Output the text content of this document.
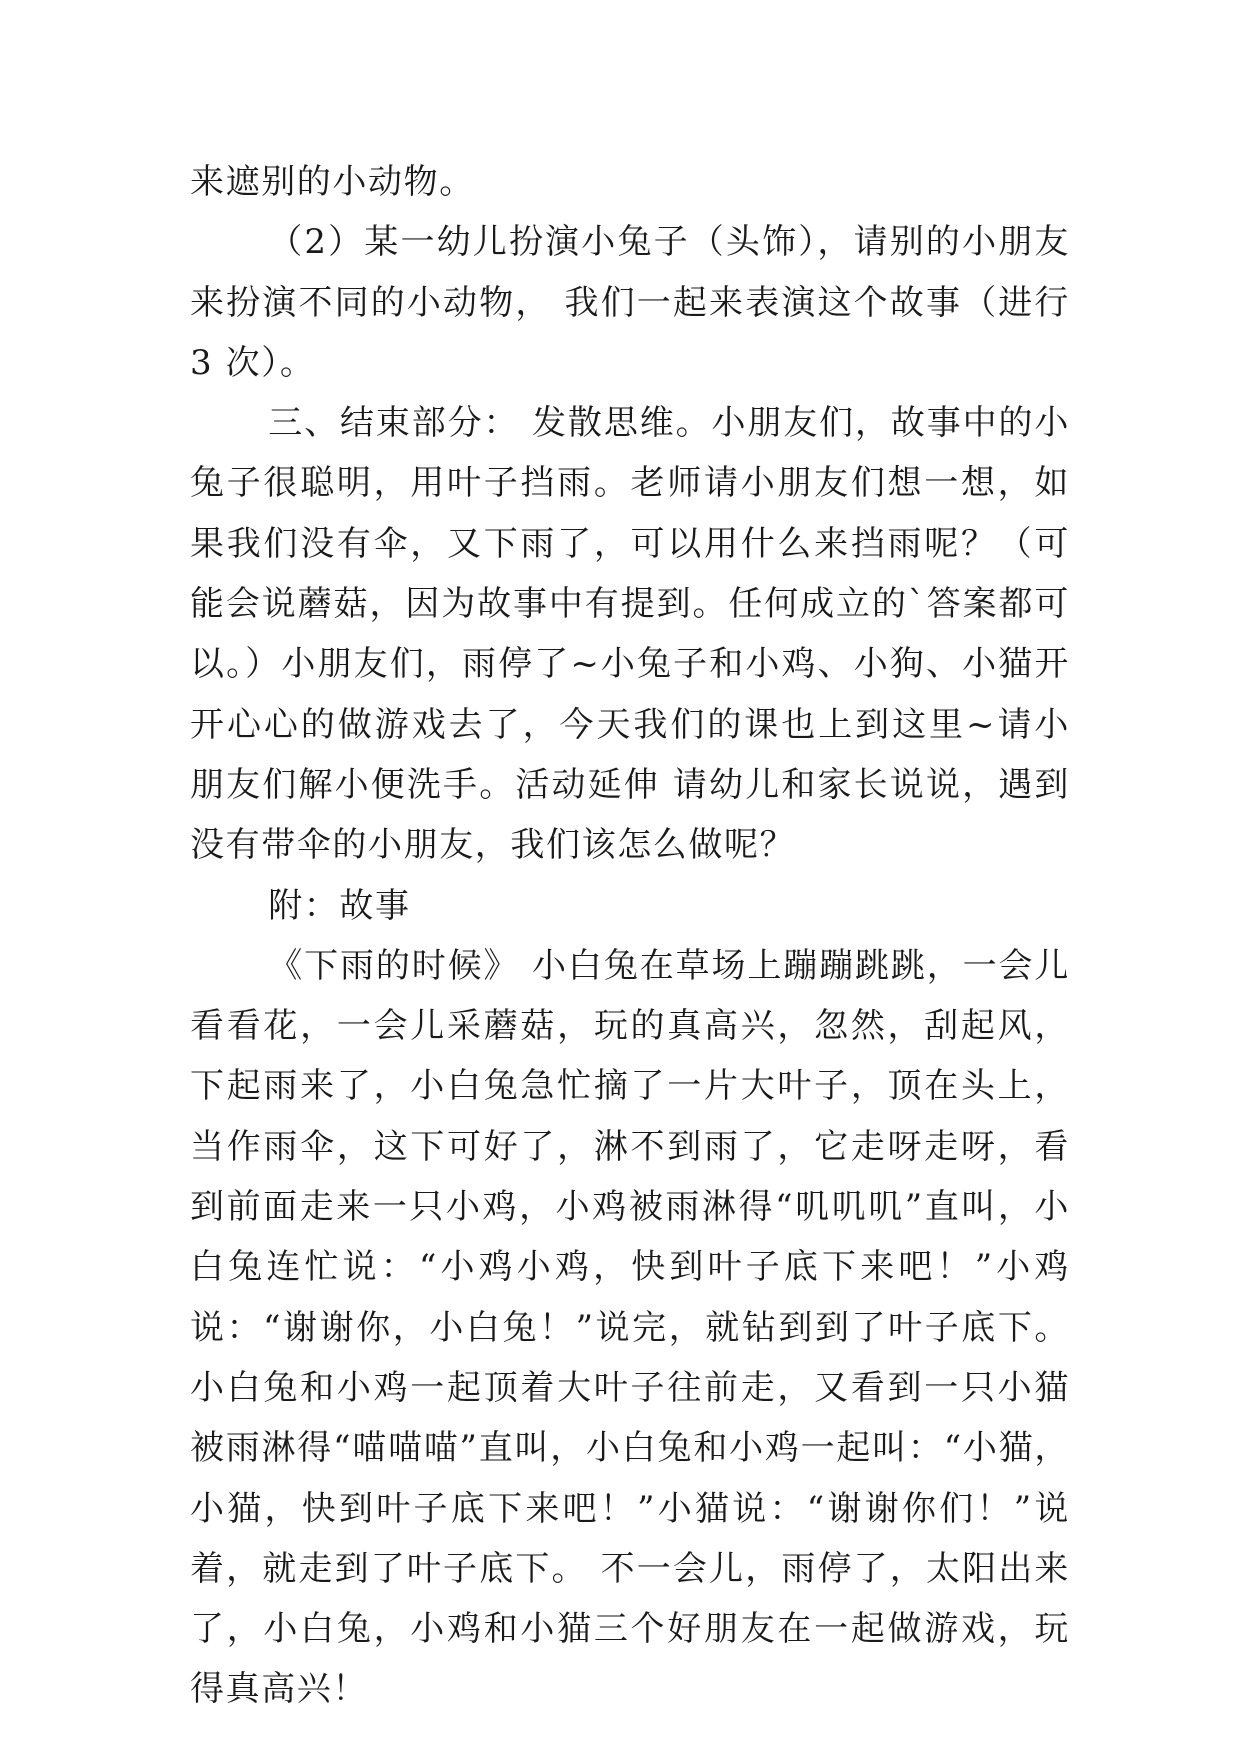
来遮别的小动物。

（2）某一幼儿扮演小兔子（头饰），请别的小朋友来扮演不同的小动物， 我们一起来表演这个故事（进行 3 次）。

三、结束部分： 发散思维。小朋友们，故事中的小兔子很聪明，用叶子挡雨。老师请小朋友们想一想，如果我们没有伞，又下雨了，可以用什么来挡雨呢？（可能会说蘑菇，因为故事中有提到。任何成立的`答案都可以。）小朋友们，雨停了~小兔子和小鸡、小狗、小猫开开心心的做游戏去了，今天我们的课也上到这里~请小朋友们解小便洗手。活动延伸 请幼儿和家长说说，遇到没有带伞的小朋友，我们该怎么做呢？

附：故事

《下雨的时候》 小白兔在草场上蹦蹦跳跳，一会儿看看花，一会儿采蘑菇，玩的真高兴，忽然，刮起风，下起雨来了，小白兔急忙摘了一片大叶子，顶在头上，当作雨伞，这下可好了，淋不到雨了，它走呀走呀，看到前面走来一只小鸡，小鸡被雨淋得“叽叽叽”直叫，小白兔连忙说：“小鸡小鸡，快到叶子底下来吧！”小鸡说：“谢谢你，小白兔！”说完，就钻到到了叶子底下。 小白兔和小鸡一起顶着大叶子往前走，又看到一只小猫被雨淋得“喵喵喵”直叫，小白兔和小鸡一起叫：“小猫，小猫，快到叶子底下来吧！”小猫说：“谢谢你们！”说着，就走到了叶子底下。 不一会儿，雨停了，太阳出来了，小白兔，小鸡和小猫三个好朋友在一起做游戏，玩得真高兴！
